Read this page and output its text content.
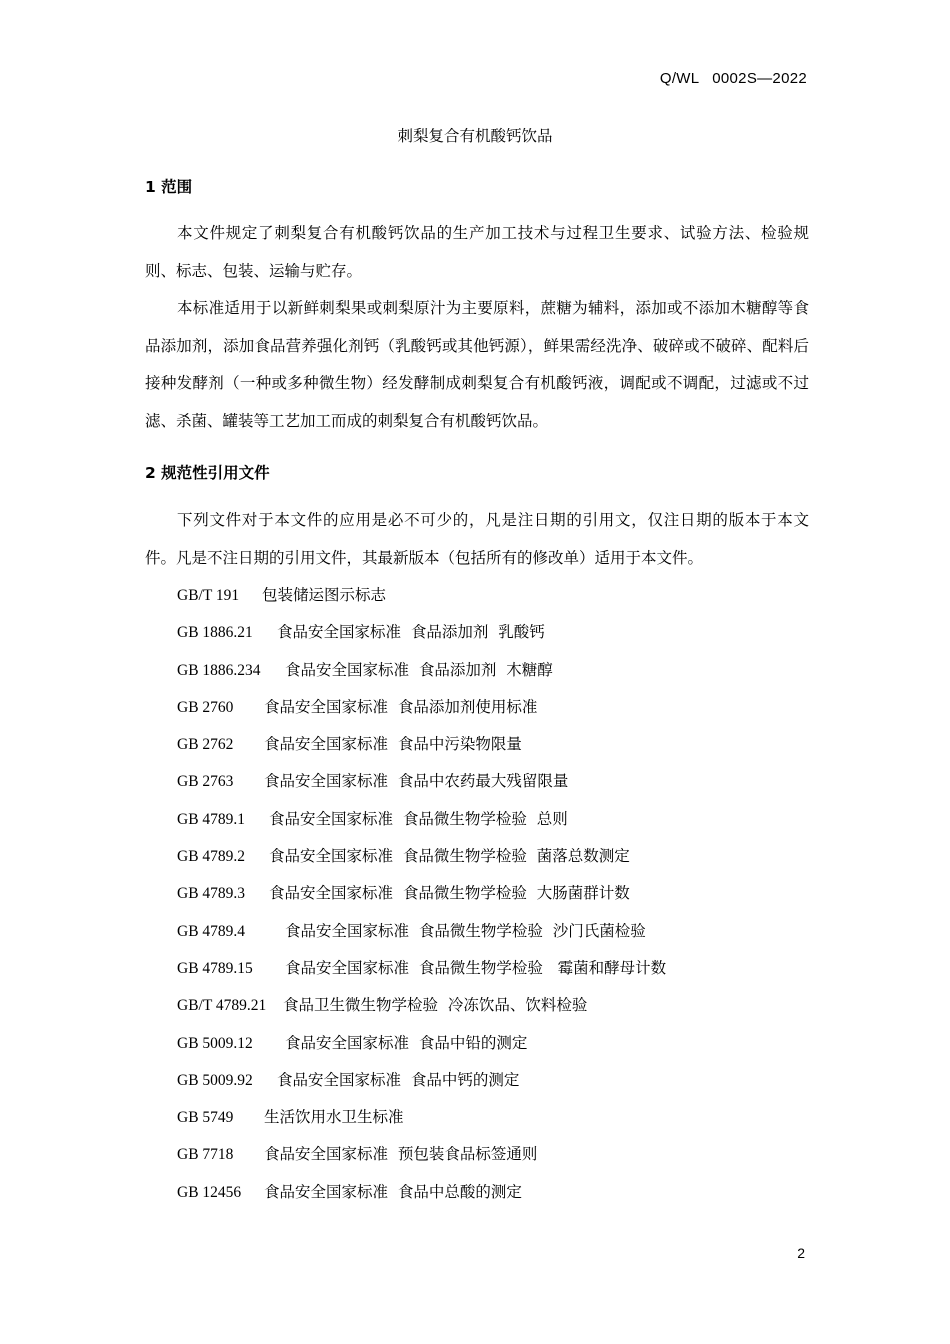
Q/WL   0002S—2022
刺梨复合有机酸钙饮品
1 范围

本文件规定了刺梨复合有机酸钙饮品的生产加工技术与过程卫生要求、试验方法、检验规则、标志、包装、运输与贮存。

本标准适用于以新鲜刺梨果或刺梨原汁为主要原料，蔗糖为辅料，添加或不添加木糖醇等食品添加剂，添加食品营养强化剂钙（乳酸钙或其他钙源），鲜果需经洗净、破碎或不破碎、配料后接种发酵剂（一种或多种微生物）经发酵制成刺梨复合有机酸钙液，调配或不调配，过滤或不过滤、杀菌、罐装等工艺加工而成的刺梨复合有机酸钙饮品。

2 规范性引用文件

下列文件对于本文件的应用是必不可少的，凡是注日期的引用文，仅注日期的版本于本文件。凡是不注日期的引用文件，其最新版本（包括所有的修改单）适用于本文件。

GB/T 191 包装储运图示标志
GB 1886.21 食品安全国家标准  食品添加剂  乳酸钙
GB 1886.234 食品安全国家标准  食品添加剂  木糖醇
GB 2760 食品安全国家标准  食品添加剂使用标准
GB 2762 食品安全国家标准  食品中污染物限量
GB 2763 食品安全国家标准  食品中农药最大残留限量
GB 4789.1 食品安全国家标准  食品微生物学检验  总则
GB 4789.2 食品安全国家标准  食品微生物学检验  菌落总数测定
GB 4789.3 食品安全国家标准  食品微生物学检验  大肠菌群计数
GB 4789.4	食品安全国家标准  食品微生物学检验  沙门氏菌检验
GB 4789.15 食品安全国家标准  食品微生物学检验   霉菌和酵母计数
GB/T 4789.21 食品卫生微生物学检验  冷冻饮品、饮料检验
GB 5009.12 食品安全国家标准  食品中铅的测定
GB 5009.92 食品安全国家标准  食品中钙的测定
GB 5749 生活饮用水卫生标准
GB 7718 食品安全国家标准  预包装食品标签通则
GB 12456 食品安全国家标准  食品中总酸的测定
2
